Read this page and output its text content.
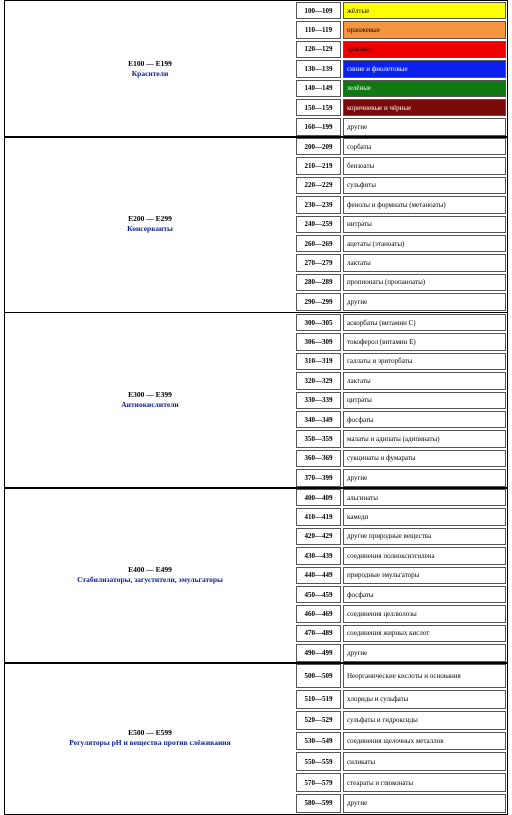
E100 — E199
Красители
100—109	жёлтые
110—119	оранжевые
120—129	красные
130—139	синие и фиолетовые
140—149	зелёные
150—159	коричневые и чёрные
160—199	другие
E200 — E299
Консерванты
200—209	сорбаты
210—219	бензоаты
220—229	сульфиты
230—239	фенолы и формиаты (метаноаты)
240—259	нитраты
260—269	ацетаты (этаноаты)
270—279	лактаты
280—289	пропионаты (пропаноаты)
290—299	другие
E300 — E399
Антиокислители
300—305	аскорбаты (витамин C)
306—309	токоферол (витамин E)
310—319	галлаты и эриторбаты
320—329	лактаты
330—339	цитраты
340—349	фосфаты
350—359	малаты и адипаты (адипинаты)
360—369	сукцинаты и фумараты
370—399	другие
E400 — E499
Стабилизаторы, загустители, эмульгаторы
400—409	альгинаты
410—419	камеди
420—429	другие природные вещества
430—439	соединения полиоксиэтилена
440—449	природные эмульгаторы
450—459	фосфаты
460—469	соединения целлюлозы
470—489	соединения жирных кислот
490—499	другие
E500 — E599
Регуляторы pH и вещества против слёживания
500—509	Неорганические кислоты и основания
510—519	хлориды и сульфаты
520—529	сульфаты и гидроксиды
530—549	соединения щелочных металлов
550—559	силикаты
570—579	стеараты и глюконаты
580—599	другие
